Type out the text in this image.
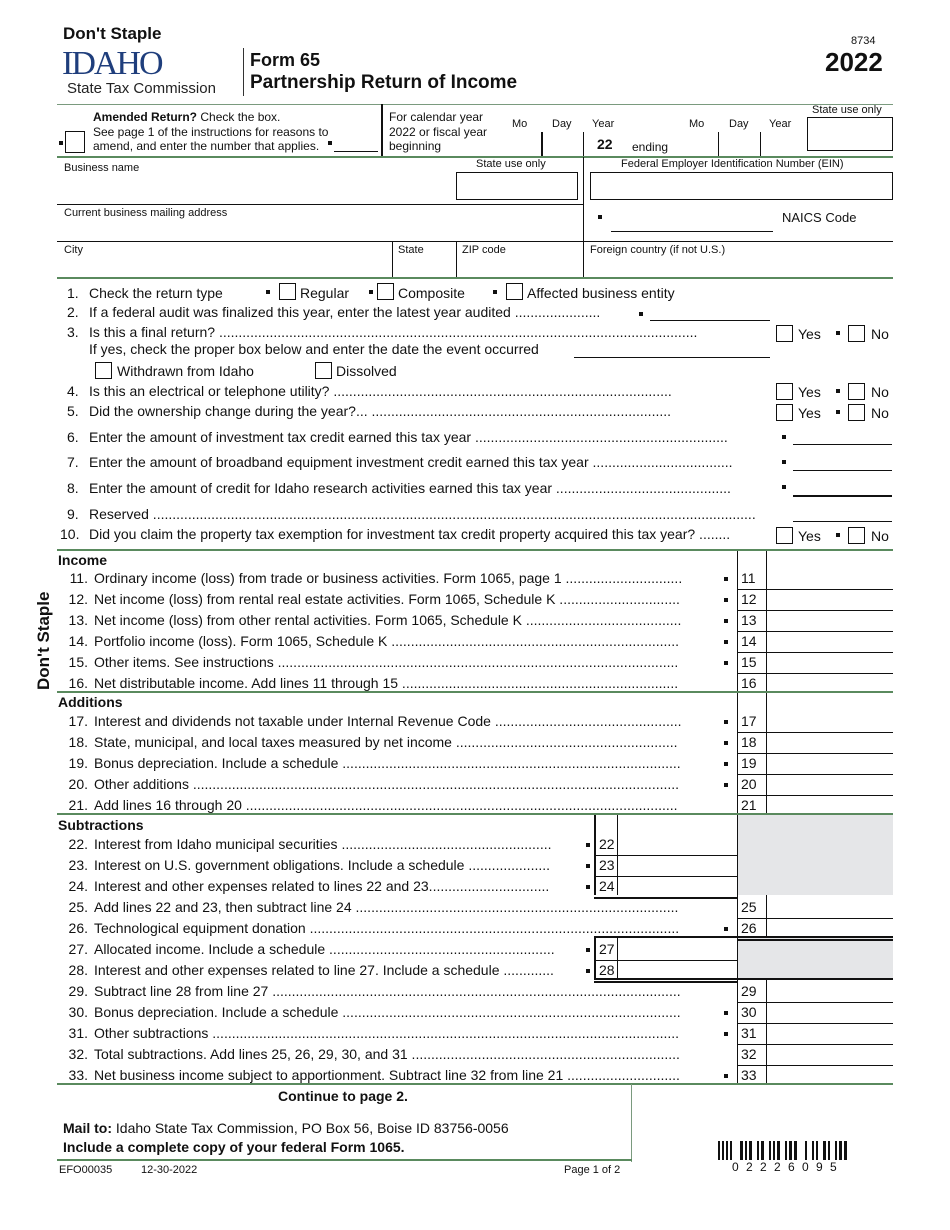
Don't Staple
IDAHO
State Tax Commission
Form 65
Partnership Return of Income
8734
2022
Amended Return? Check the box.
See page 1 of the instructions for reasons to
amend, and enter the number that applies.
For calendar year
2022 or fiscal year
beginning
Mo Day Year
22 ending
Mo Day Year
State use only
Business name	State use only	Federal Employer Identification Number (EIN)
Current business mailing address	NAICS Code
City	State	ZIP code	Foreign country (if not U.S.)
1. Check the return type	Regular	Composite	Affected business entity
2. If a federal audit was finalized this year, enter the latest year audited ......................
3. Is this a final return? ...........................................................................................................................	Yes	No
If yes, check the proper box below and enter the date the event occurred
Withdrawn from Idaho	Dissolved
4. Is this an electrical or telephone utility? .......................................................................................	Yes	No
5. Did the ownership change during the year?... .............................................................................	Yes	No
6. Enter the amount of investment tax credit earned this tax year .................................................................
7. Enter the amount of broadband equipment investment credit earned this tax year ....................................
8. Enter the amount of credit for Idaho research activities earned this tax year .............................................
9. Reserved ...........................................................................................................................................................
10. Did you claim the property tax exemption for investment tax credit property acquired this tax year? ........	Yes	No
Don't Staple
Income
11. Ordinary income (loss) from trade or business activities. Form 1065, page 1 ..............................	11
12. Net income (loss) from rental real estate activities. Form 1065, Schedule K ...............................	12
13. Net income (loss) from other rental activities. Form 1065, Schedule K ........................................	13
14. Portfolio income (loss). Form 1065, Schedule K ..........................................................................	14
15. Other items. See instructions .......................................................................................................	15
16. Net distributable income. Add lines 11 through 15 .......................................................................	16
Additions
17. Interest and dividends not taxable under Internal Revenue Code ................................................	17
18. State, municipal, and local taxes measured by net income .........................................................	18
19. Bonus depreciation. Include a schedule .......................................................................................	19
20. Other additions .............................................................................................................................	20
21. Add lines 16 through 20 ...............................................................................................................	21
Subtractions
22. Interest from Idaho municipal securities ......................................................	22
23. Interest on U.S. government obligations. Include a schedule .....................	23
24. Interest and other expenses related to lines 22 and 23...............................	24
25. Add lines 22 and 23, then subtract line 24 ...................................................................................	25
26. Technological equipment donation ...............................................................................................	26
27. Allocated income. Include a schedule ..........................................................	27
28. Interest and other expenses related to line 27. Include a schedule .............	28
29. Subtract line 28 from line 27 .........................................................................................................	29
30. Bonus depreciation. Include a schedule .......................................................................................	30
31. Other subtractions ........................................................................................................................	31
32. Total subtractions. Add lines 25, 26, 29, 30, and 31 .....................................................................	32
33. Net business income subject to apportionment. Subtract line 32 from line 21 .............................	33
Continue to page 2.
Mail to: Idaho State Tax Commission, PO Box 56, Boise ID 83756-0056
Include a complete copy of your federal Form 1065.
EFO00035	12-30-2022	Page 1 of 2	0 2 2 2 6 0 9 5
